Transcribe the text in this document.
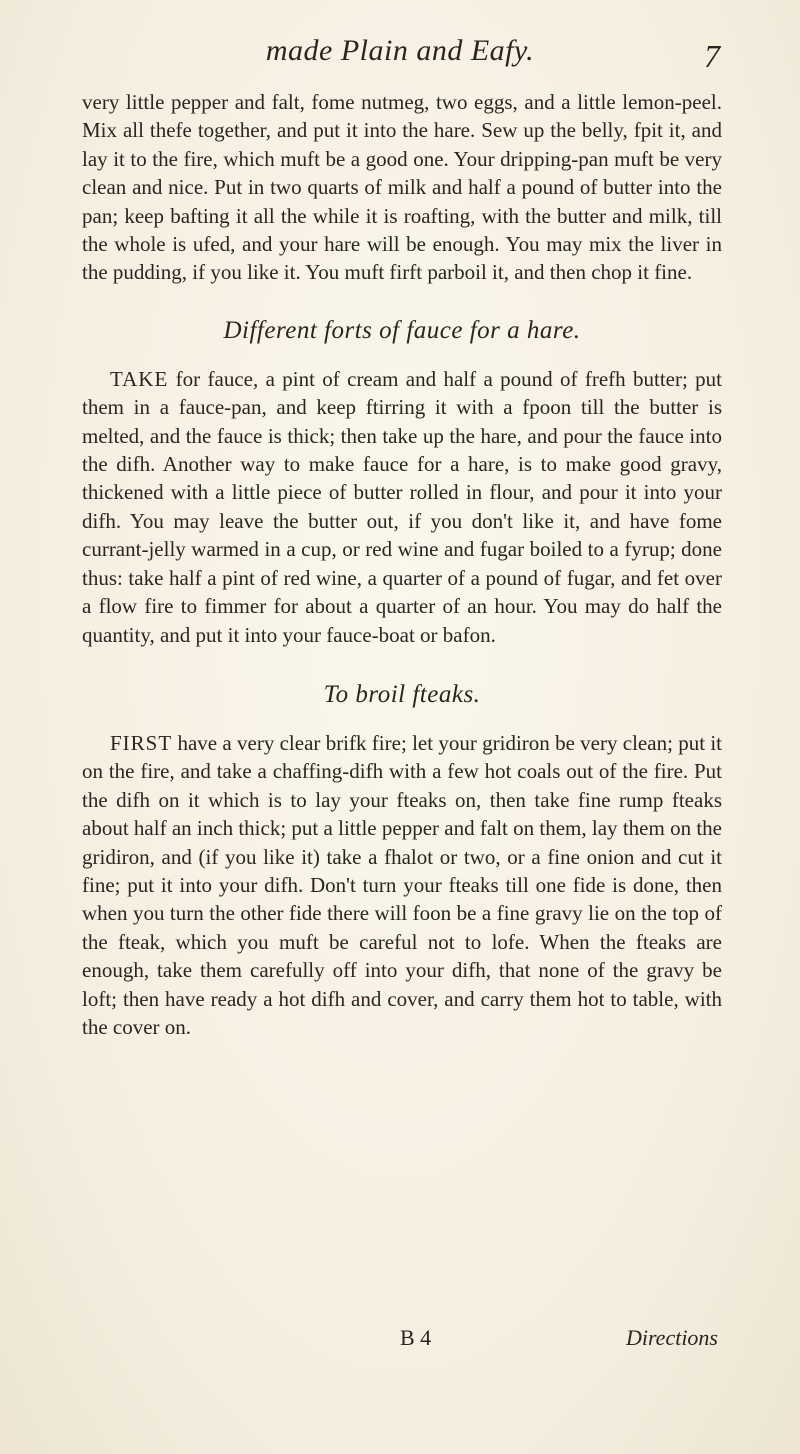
made Plain and Eafy.	7

very little pepper and falt, fome nutmeg, two eggs, and a little lemon-peel. Mix all thefe together, and put it into the hare. Sew up the belly, fpit it, and lay it to the fire, which muft be a good one. Your dripping-pan muft be very clean and nice. Put in two quarts of milk and half a pound of butter into the pan; keep bafting it all the while it is roafting, with the butter and milk, till the whole is ufed, and your hare will be enough. You may mix the liver in the pudding, if you like it. You muft firft parboil it, and then chop it fine.

Different forts of fauce for a hare.

TAKE for fauce, a pint of cream and half a pound of frefh butter; put them in a fauce-pan, and keep ftirring it with a fpoon till the butter is melted, and the fauce is thick; then take up the hare, and pour the fauce into the difh. Another way to make fauce for a hare, is to make good gravy, thickened with a little piece of butter rolled in flour, and pour it into your difh. You may leave the butter out, if you don't like it, and have fome currant-jelly warmed in a cup, or red wine and fugar boiled to a fyrup; done thus: take half a pint of red wine, a quarter of a pound of fugar, and fet over a flow fire to fimmer for about a quarter of an hour. You may do half the quantity, and put it into your fauce-boat or bafon.

To broil fteaks.

FIRST have a very clear brifk fire; let your gridiron be very clean; put it on the fire, and take a chaffing-difh with a few hot coals out of the fire. Put the difh on it which is to lay your fteaks on, then take fine rump fteaks about half an inch thick; put a little pepper and falt on them, lay them on the gridiron, and (if you like it) take a fhalot or two, or a fine onion and cut it fine; put it into your difh. Don't turn your fteaks till one fide is done, then when you turn the other fide there will foon be a fine gravy lie on the top of the fteak, which you muft be careful not to lofe. When the fteaks are enough, take them carefully off into your difh, that none of the gravy be loft; then have ready a hot difh and cover, and carry them hot to table, with the cover on.

B 4	Directions
